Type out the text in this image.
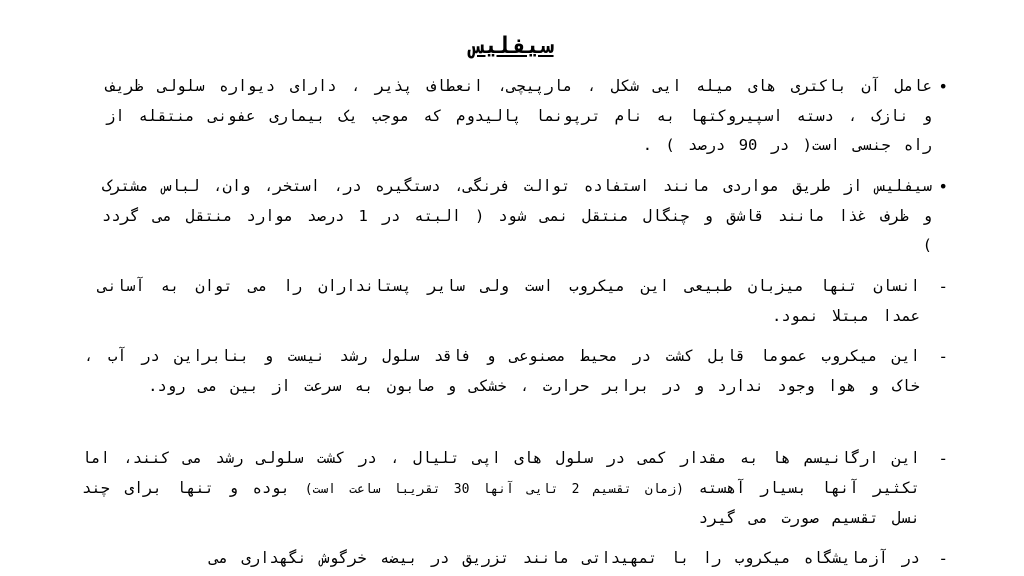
سیفلیس
•

عامل آن باکتری های میله ایی شکل ، مارپیچی، انعطاف پذیر ، دارای دیواره سلولی ظریف و نازک ، دسته اسپیروکتها به نام ترپونما پالیدوم که موجب یک بیماری عفونی منتقله از راه جنسی است( در 90 درصد ) .

•

سیفلیس از طریق مواردی مانند استفاده توالت فرنگی، دستگیره در، استخر، وان، لباس مشترک و ظرف غذا مانند قاشق و چنگال منتقل نمی شود ( البته در 1 درصد موارد منتقل می گردد )

-

انسان تنها میزبان طبیعی این میکروب است ولی سایر پستانداران را می توان به آسانی عمدا مبتلا نمود.

-

این میکروب عموما قابل کشت در محیط مصنوعی و فاقد سلول رشد نیست و بنابراین در آب ، خاک و هوا وجود ندارد و در برابر حرارت ، خشکی و صابون به سرعت از بین می رود.

-

این ارگانیسم ها به مقدار کمی در سلول های اپی تلیال ، در کشت سلولی رشد می کنند، اما تکثیر آنها بسیار آهسته (زمان تقسیم 2 تایی آنها 30 تقریبا ساعت است) بوده و تنها برای چند نسل تقسیم صورت می گیرد

-

در آزمایشگاه میکروب را با تمهیداتی مانند تزریق در بیضه خرگوش نگهداری می
